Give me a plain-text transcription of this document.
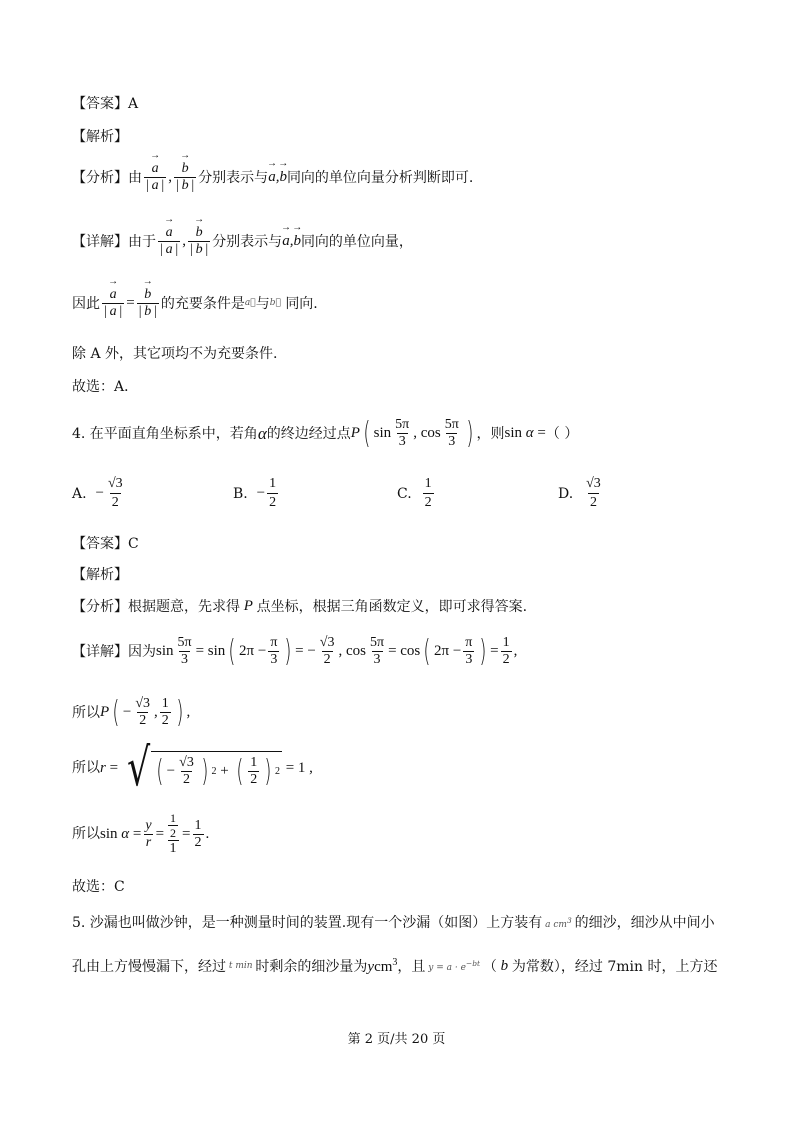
【答案】 A
【解析】
【分析】 由 → $\frac{a}{| a |}$ , → $\frac{b}{| b |}$ 分别表示与 → a,→ b 同向的单位向量分析判断即可.
【详解】 由于 → $\frac{a}{| a |}$ , → $\frac{b}{| b |}$ 分别表示与 → a,→ b 同向的单位向量，
因此 → $\frac{a}{| a |}$ = → $\frac{b}{| b |}$ 的充要条件是 a⃗ 与 b⃗
同向.
除 A 外，其它项均不为充要条件.
故选：A．
4. 在平面直角坐标系中，若角 α 的终边经过点 P ( $\sin \frac{5\pi}{3}$ , $\cos \frac{5\pi}{3}$ ) ，则 sin α = （ ）
A.
− $\frac{√3}{2}$	B.
− $\frac{1}{2}$	C.
$\frac{1}{2}$	D.
$\frac{√3}{2}$
【答案】 C
【解析】
【分析】 根据题意，先求得 P 点坐标，根据三角函数定义，即可求得答案.
【详解】 因为 $\sin \frac{5\pi}{3} = \sin$ ( $2\pi - \frac{\pi}{3}$ ) = − $\frac{√3}{2}$ , $\cos \frac{5\pi}{3} = \cos$ ( $2\pi - \frac{\pi}{3}$ ) = $\frac{1}{2}$ ,
所以 P ( − $\frac{√3}{2}$ , $\frac{1}{2}$ ) ,
所以 r = √ ( − $\frac{√3}{2}$ ) 2 + ( $\frac{1}{2}$ ) 2 = 1 ,
所以 $\sin \alpha = \frac{y}{r} = \frac{\frac{1}{2}}{1} = \frac{1}{2}$ .
故选：C
5. 沙漏也叫做沙钟，是一种测量时间的装置.现有一个沙漏（如图）上方装有 a $cm^3$ 的细沙，细沙从中间小
孔由上方慢慢漏下，经过 t min 时剩余的细沙量为 ycm$^3$ ，且 $y = a \cdot e^{-bt}$ （ b 为常数），经过 7min 时，上方还
第 2 页/共 20 页
